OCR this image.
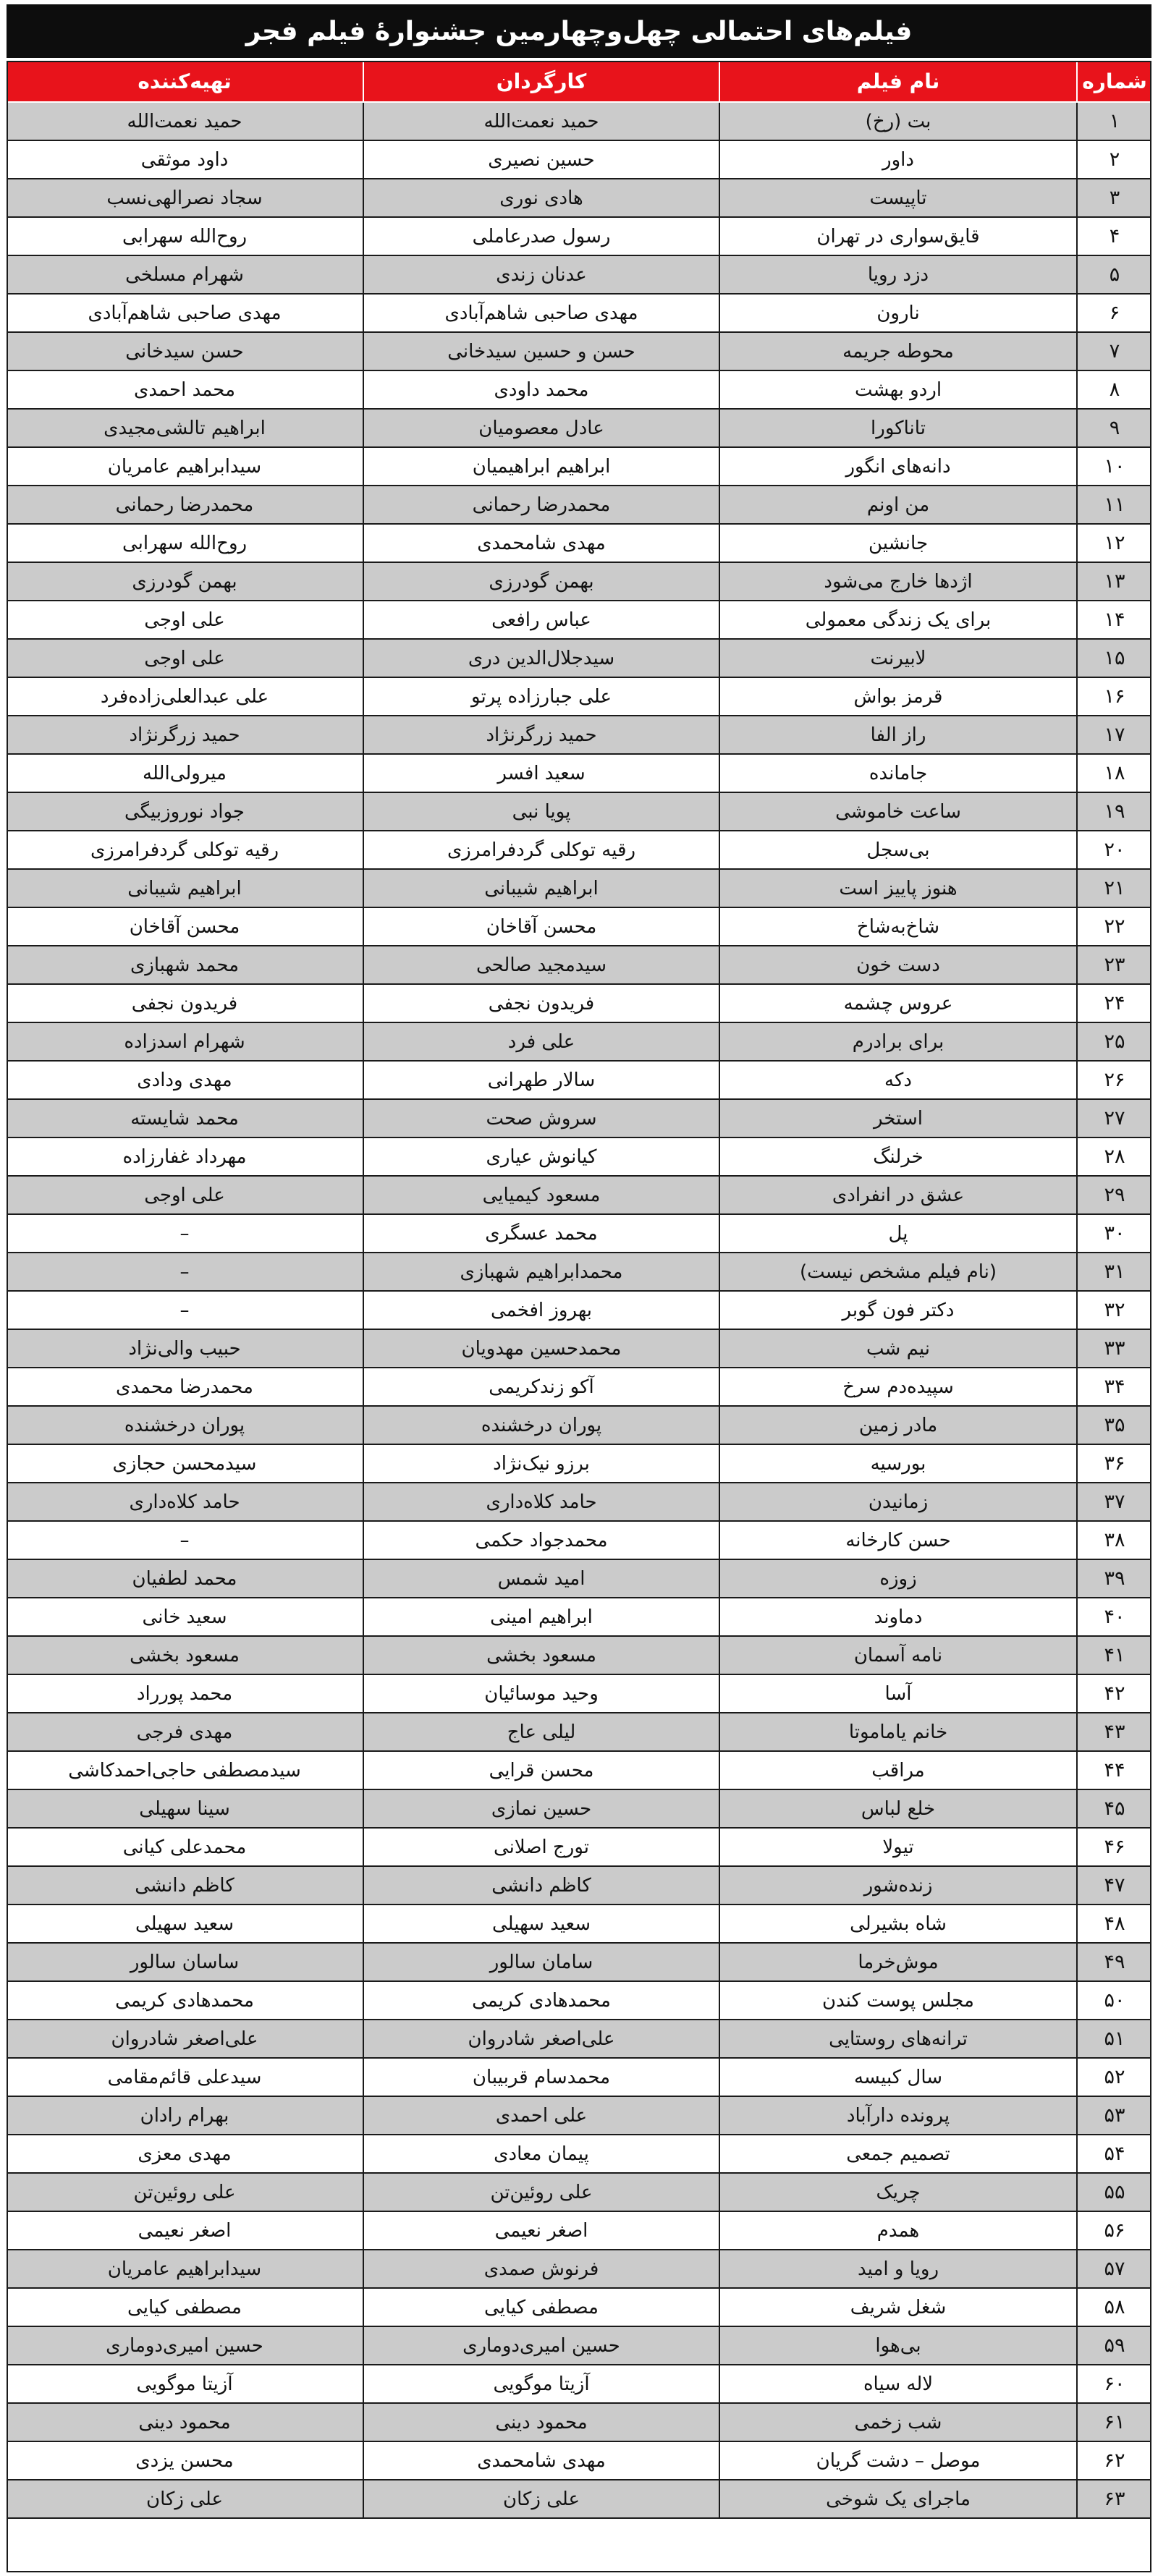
فیلم‌های احتمالی چهل‌وچهارمین جشنوارهٔ فیلم فجر
شماره
نام فیلم
کارگردان
تهیه‌کننده
۱
بت (رخ)
حمید نعمت‌الله
حمید نعمت‌الله
۲
داور
حسین نصیری
داود موثقی
۳
تاپیست
هادی نوری
سجاد نصرالهی‌نسب
۴
قایق‌سواری در تهران
رسول صدرعاملی
روح‌الله سهرابی
۵
دزد رویا
عدنان زندی
شهرام مسلخی
۶
نارون
مهدی صاحبی شاهم‌آبادی
مهدی صاحبی شاهم‌آبادی
۷
محوطه جریمه
حسن و حسین سیدخانی
حسن سیدخانی
۸
اردو بهشت
محمد داودی
محمد احمدی
۹
تاناکورا
عادل معصومیان
ابراهیم تالشی‌مجیدی
۱۰
دانه‌های انگور
ابراهیم ابراهیمیان
سیدابراهیم عامریان
۱۱
من اونم
محمدرضا رحمانی
محمدرضا رحمانی
۱۲
جانشین
مهدی شامحمدی
روح‌الله سهرابی
۱۳
اژدها خارج می‌شود
بهمن گودرزی
بهمن گودرزی
۱۴
برای یک زندگی معمولی
عباس رافعی
علی اوجی
۱۵
لابیرنت
سیدجلال‌الدین دری
علی اوجی
۱۶
قرمز بواش
علی جبارزاده پرتو
علی عبدالعلی‌زاده‌فرد
۱۷
راز الفا
حمید زرگرنژاد
حمید زرگرنژاد
۱۸
جامانده
سعید افسر
میرولی‌الله
۱۹
ساعت خاموشی
پویا نبی
جواد نوروزبیگی
۲۰
بی‌سجل
رقیه توکلی گردفرامرزی
رقیه توکلی گردفرامرزی
۲۱
هنوز پاییز است
ابراهیم شیبانی
ابراهیم شیبانی
۲۲
شاخ‌به‌شاخ
محسن آقاخان
محسن آقاخان
۲۳
دست خون
سیدمجید صالحی
محمد شهبازی
۲۴
عروس چشمه
فریدون نجفی
فریدون نجفی
۲۵
برای برادرم
علی فرد
شهرام اسدزاده
۲۶
دکه
سالار طهرانی
مهدی ودادی
۲۷
استخر
سروش صحت
محمد شایسته
۲۸
خرلنگ
کیانوش عیاری
مهرداد غفارزاده
۲۹
عشق در انفرادی
مسعود کیمیایی
علی اوجی
۳۰
پل
محمد عسگری
–
۳۱
(نام فیلم مشخص نیست)
محمدابراهیم شهبازی
–
۳۲
دکتر فون گوبر
بهروز افخمی
–
۳۳
نیم شب
محمدحسین مهدویان
حبیب والی‌نژاد
۳۴
سپیده‌دم سرخ
آکو زندکریمی
محمدرضا محمدی
۳۵
مادر زمین
پوران درخشنده
پوران درخشنده
۳۶
بورسیه
برزو نیک‌نژاد
سیدمحسن حجازی
۳۷
زمانیدن
حامد کلاه‌داری
حامد کلاه‌داری
۳۸
حسن کارخانه
محمدجواد حکمی
–
۳۹
زوزه
امید شمس
محمد لطفیان
۴۰
دماوند
ابراهیم امینی
سعید خانی
۴۱
نامه آسمان
مسعود بخشی
مسعود بخشی
۴۲
آسا
وحید موسائیان
محمد پورراد
۴۳
خانم یاماموتا
لیلی عاج
مهدی فرجی
۴۴
مراقب
محسن قرایی
سیدمصطفی حاجی‌احمدکاشی
۴۵
خلع لباس
حسین نمازی
سینا سهیلی
۴۶
تیولا
تورج اصلانی
محمدعلی کیانی
۴۷
زنده‌شور
کاظم دانشی
کاظم دانشی
۴۸
شاه بشیرلی
سعید سهیلی
سعید سهیلی
۴۹
موش‌خرما
سامان سالور
ساسان سالور
۵۰
مجلس پوست کندن
محمدهادی کریمی
محمدهادی کریمی
۵۱
ترانه‌های روستایی
علی‌اصغر شادروان
علی‌اصغر شادروان
۵۲
سال کبیسه
محمدسام قربیبان
سیدعلی قائم‌مقامی
۵۳
پرونده دارآباد
علی احمدی
بهرام رادان
۵۴
تصمیم جمعی
پیمان معادی
مهدی معزی
۵۵
چریک
علی روئین‌تن
علی روئین‌تن
۵۶
همدم
اصغر نعیمی
اصغر نعیمی
۵۷
رویا و امید
فرنوش صمدی
سیدابراهیم عامریان
۵۸
شغل شریف
مصطفی کیایی
مصطفی کیایی
۵۹
بی‌هوا
حسین امیری‌دوماری
حسین امیری‌دوماری
۶۰
لاله سیاه
آزیتا موگویی
آزیتا موگویی
۶۱
شب زخمی
محمود دینی
محمود دینی
۶۲
موصل – دشت گریان
مهدی شامحمدی
محسن یزدی
۶۳
ماجرای یک شوخی
علی زکان
علی زکان
